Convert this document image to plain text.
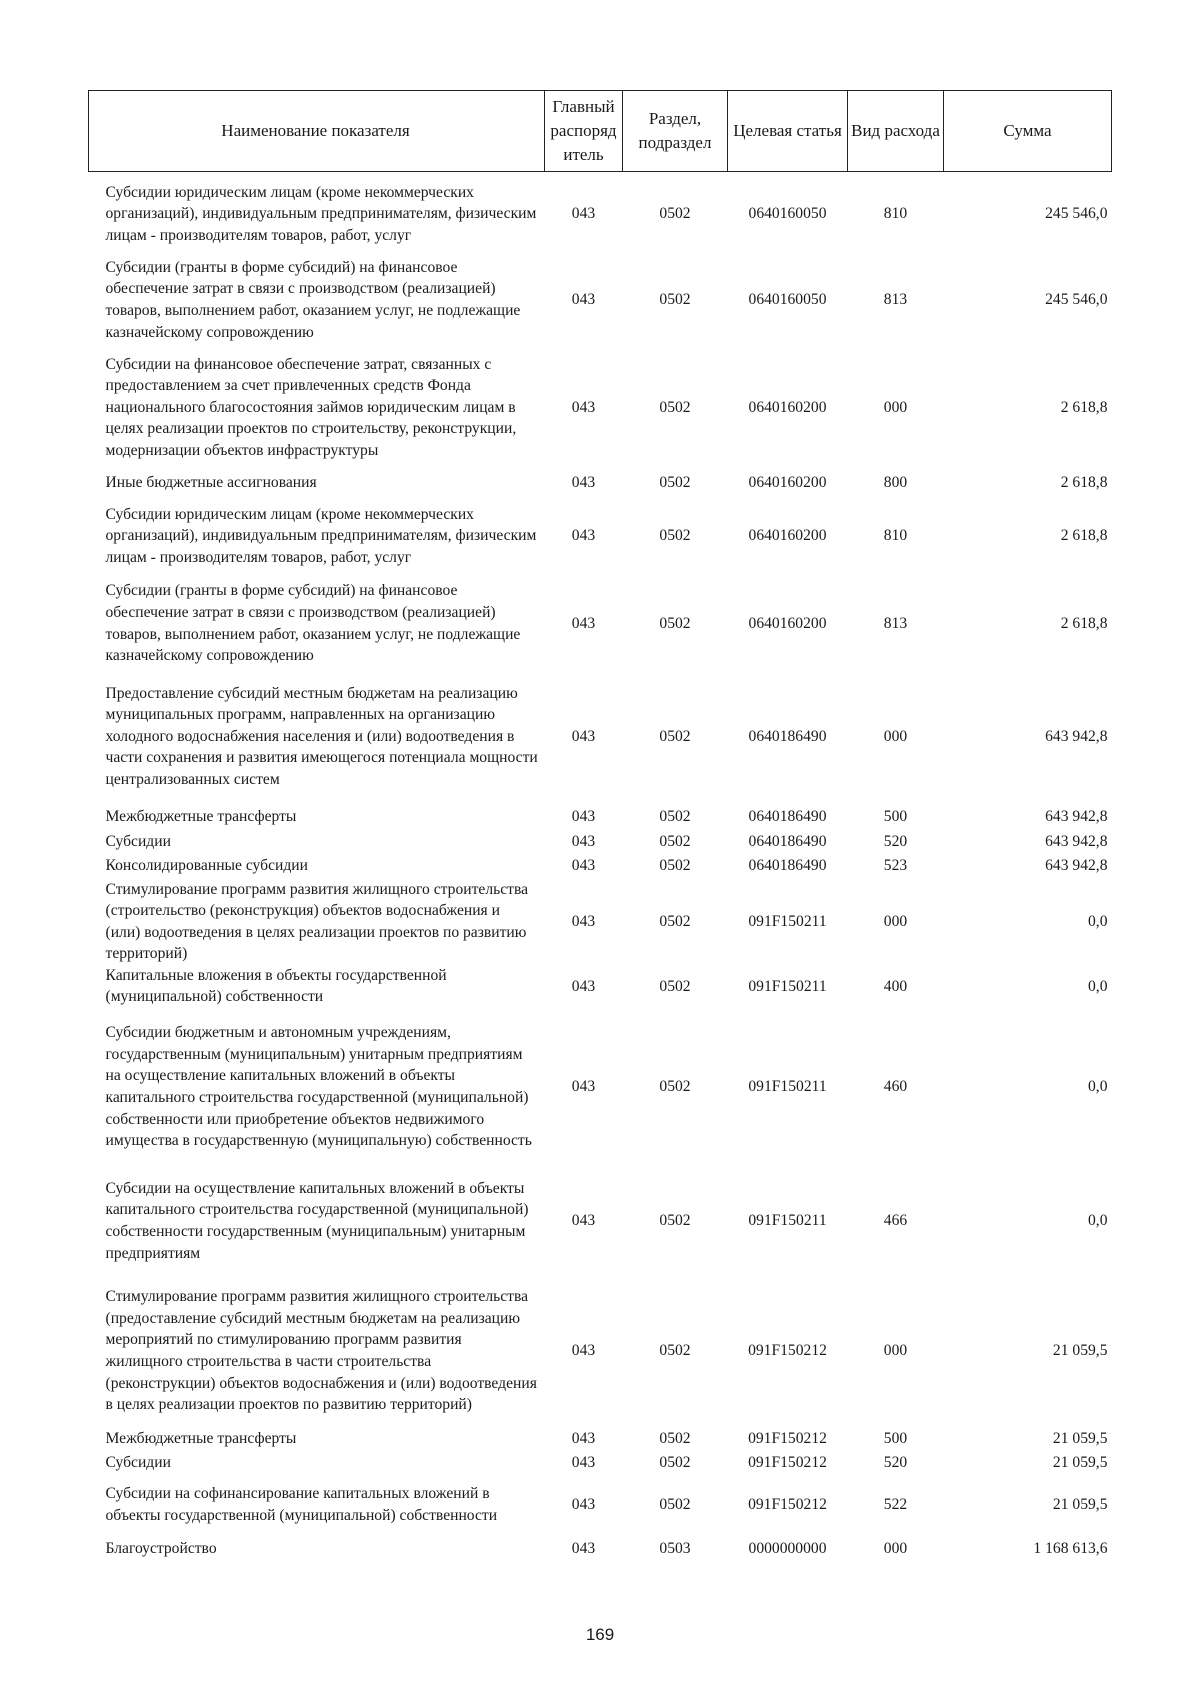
Наименование показателя	Главный распоряд итель	Раздел, подраздел	Целевая статья	Вид расхода	Сумма
Субсидии юридическим лицам (кроме некоммерческих организаций), индивидуальным предпринимателям, физическим лицам - производителям товаров, работ, услуг	043	0502	0640160050	810	245 546,0
Субсидии (гранты в форме субсидий) на финансовое обеспечение затрат в связи с производством (реализацией) товаров, выполнением работ, оказанием услуг, не подлежащие казначейскому сопровождению	043	0502	0640160050	813	245 546,0
Субсидии на финансовое обеспечение затрат, связанных с предоставлением за счет привлеченных средств Фонда национального благосостояния займов юридическим лицам в целях реализации проектов по строительству, реконструкции, модернизации объектов инфраструктуры	043	0502	0640160200	000	2 618,8
Иные бюджетные ассигнования	043	0502	0640160200	800	2 618,8
Субсидии юридическим лицам (кроме некоммерческих организаций), индивидуальным предпринимателям, физическим лицам - производителям товаров, работ, услуг	043	0502	0640160200	810	2 618,8
Субсидии (гранты в форме субсидий) на финансовое обеспечение затрат в связи с производством (реализацией) товаров, выполнением работ, оказанием услуг, не подлежащие казначейскому сопровождению	043	0502	0640160200	813	2 618,8
Предоставление субсидий местным бюджетам на реализацию муниципальных программ, направленных на организацию холодного водоснабжения населения и (или) водоотведения в части сохранения и развития имеющегося потенциала мощности централизованных систем	043	0502	0640186490	000	643 942,8
Межбюджетные трансферты	043	0502	0640186490	500	643 942,8
Субсидии	043	0502	0640186490	520	643 942,8
Консолидированные субсидии	043	0502	0640186490	523	643 942,8
Стимулирование программ развития жилищного строительства (строительство (реконструкция) объектов водоснабжения и (или) водоотведения в целях реализации проектов по развитию территорий)	043	0502	091F150211	000	0,0
Капитальные вложения в объекты государственной (муниципальной) собственности	043	0502	091F150211	400	0,0
Субсидии бюджетным и автономным учреждениям, государственным (муниципальным) унитарным предприятиям на осуществление капитальных вложений в объекты капитального строительства государственной (муниципальной) собственности или приобретение объектов недвижимого имущества в государственную (муниципальную) собственность	043	0502	091F150211	460	0,0
Субсидии на осуществление капитальных вложений в объекты капитального строительства государственной (муниципальной) собственности государственным (муниципальным) унитарным предприятиям	043	0502	091F150211	466	0,0
Стимулирование программ развития жилищного строительства (предоставление субсидий местным бюджетам на реализацию мероприятий по стимулированию программ развития жилищного строительства в части строительства (реконструкции) объектов водоснабжения и (или) водоотведения в целях реализации проектов по развитию территорий)	043	0502	091F150212	000	21 059,5
Межбюджетные трансферты	043	0502	091F150212	500	21 059,5
Субсидии	043	0502	091F150212	520	21 059,5
Субсидии на софинансирование капитальных вложений в объекты государственной (муниципальной) собственности	043	0502	091F150212	522	21 059,5
Благоустройство	043	0503	0000000000	000	1 168 613,6
169
